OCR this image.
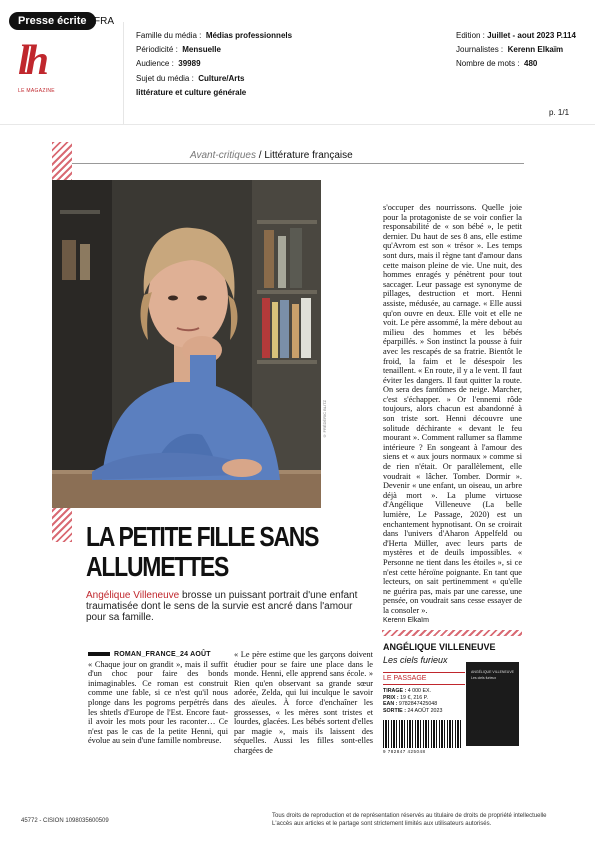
Presse écrite FRA
lh
LE MAGAZINE
Famille du média : Médias professionnels
Périodicité : Mensuelle
Audience : 39989
Sujet du média : Culture/Arts
littérature et culture générale
Edition : Juillet - aout 2023 P.114
Journalistes : Kerenn Elkaïm
Nombre de mots : 480
p. 1/1
Avant-critiques / Littérature française
© FRÉDÉRIC BLITZ
LA PETITE FILLE SANS
ALLUMETTES
Angélique Villeneuve brosse un puissant portrait d'une enfant traumatisée dont le sens de la survie est ancré dans l'amour pour sa famille.
ROMAN_FRANCE_24 AOÛT
« Chaque jour on grandit », mais il suffit d'un choc pour faire des bonds inimaginables. Ce roman est construit comme une fable, si ce n'est qu'il nous plonge dans les pogroms perpétrés dans les shtetls d'Europe de l'Est. Encore faut-il avoir les mots pour les raconter… Ce n'est pas le cas de la petite Henni, qui évolue au sein d'une famille nombreuse.
« Le père estime que les garçons doivent étudier pour se faire une place dans le monde. Henni, elle apprend sans école. » Rien qu'en observant sa grande sœur adorée, Zelda, qui lui inculque le savoir des aïeules. À force d'enchaîner les grossesses, « les mères sont tristes et lourdes, glacées. Les bébés sortent d'elles par magie », mais ils laissent des séquelles. Aussi les filles sont-elles chargées de
s'occuper des nourrissons. Quelle joie pour la protagoniste de se voir confier la responsabilité de « son bébé », le petit dernier. Du haut de ses 8 ans, elle estime qu'Avrom est son « trésor ». Les temps sont durs, mais il règne tant d'amour dans cette maison pleine de vie. Une nuit, des hommes enragés y pénètrent pour tout saccager. Leur passage est synonyme de pillages, destruction et mort. Henni assiste, médusée, au carnage. « Elle aussi qu'on ouvre en deux. Elle voit et elle ne voit. Le père assommé, la mère debout au milieu des hommes et les bébés éparpillés. » Son instinct la pousse à fuir avec les rescapés de sa fratrie. Bientôt le froid, la faim et le désespoir les tenaillent. « En route, il y a le vent. Il faut éviter les dangers. Il faut quitter la route. On sera des fantômes de neige. Marcher, c'est s'échapper. » Or l'ennemi rôde toujours, alors chacun est abandonné à son triste sort. Henni découvre une solitude déchirante « devant le feu mourant ». Comment rallumer sa flamme intérieure ? En songeant à l'amour des siens et « aux jours normaux » comme si de rien n'était. Or parallèlement, elle voudrait « lâcher. Tomber. Dormir ». Devenir « une enfant, un oiseau, un arbre déjà mort ». La plume virtuose d'Angélique Villeneuve (La belle lumière, Le Passage, 2020) est un enchantement hypnotisant. On se croirait dans l'univers d'Aharon Appelfeld ou d'Herta Müller, avec leurs parts de mystères et de deuils impossibles. « Personne ne tient dans les étoiles », si ce n'est cette héroïne poignante. En tant que lecteurs, on sait pertinemment « qu'elle ne guérira pas, mais par une caresse, une pensée, on voudrait sans cesse essayer de la consoler ».
Kerenn Elkaïm
ANGÉLIQUE VILLENEUVE
Les ciels furieux
LE PASSAGE
TIRAGE : 4 000 EX.
PRIX : 19 €, 216 P.
EAN : 9782847425048
SORTIE : 24 AOÛT 2023
9 782847 425048
ANGÉLIQUE VILLENEUVE
Les ciels furieux
45772 - CISION 1098035600509
Tous droits de reproduction et de représentation réservés au titulaire de droits de propriété intellectuelle
L'accès aux articles et le partage sont strictement limités aux utilisateurs autorisés.
